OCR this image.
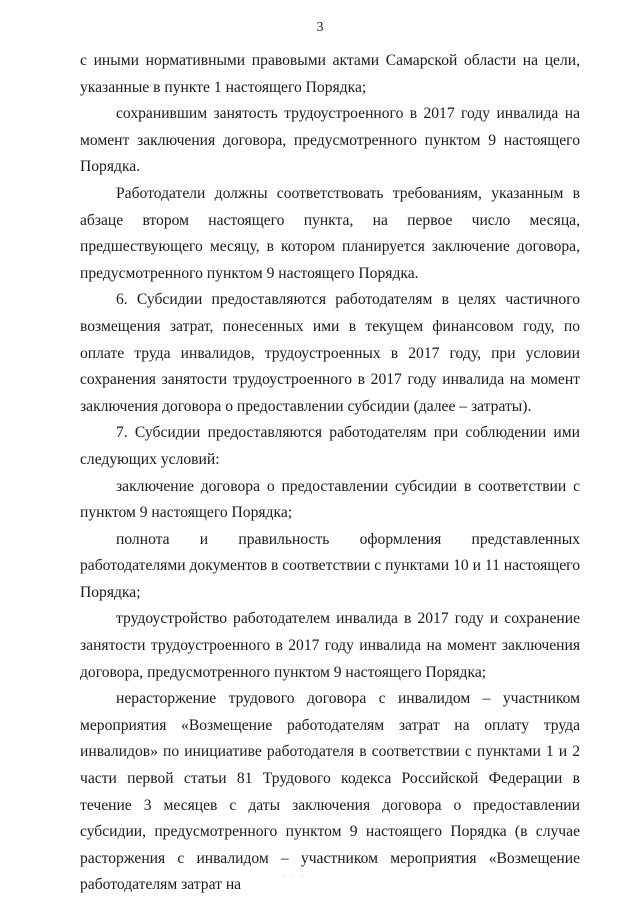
3

с иными нормативными правовыми актами Самарской области на цели, указанные в пункте 1 настоящего Порядка;

сохранившим занятость трудоустроенного в 2017 году инвалида на момент заключения договора, предусмотренного пунктом 9 настоящего Порядка.

Работодатели должны соответствовать требованиям, указанным в абзаце втором настоящего пункта, на первое число месяца, предшествующего месяцу, в котором планируется заключение договора, предусмотренного пунктом 9 настоящего Порядка.

6. Субсидии предоставляются работодателям в целях частичного возмещения затрат, понесенных ими в текущем финансовом году, по оплате труда инвалидов, трудоустроенных в 2017 году, при условии сохранения занятости трудоустроенного в 2017 году инвалида на момент заключения договора о предоставлении субсидии (далее – затраты).

7. Субсидии предоставляются работодателям при соблюдении ими следующих условий:

заключение договора о предоставлении субсидии в соответствии с пунктом 9 настоящего Порядка;

полнота и правильность оформления представленных работодателями документов в соответствии с пунктами 10 и 11 настоящего Порядка;

трудоустройство работодателем инвалида в 2017 году и сохранение занятости трудоустроенного в 2017 году инвалида на момент заключения договора, предусмотренного пунктом 9 настоящего Порядка;

нерасторжение трудового договора с инвалидом – участником мероприятия «Возмещение работодателям затрат на оплату труда инвалидов» по инициативе работодателя в соответствии с пунктами 1 и 2 части первой статьи 81 Трудового кодекса Российской Федерации в течение 3 месяцев с даты заключения договора о предоставлении субсидии, предусмотренного пунктом 9 настоящего Порядка (в случае расторжения с инвалидом – участником мероприятия «Возмещение работодателям затрат на	· · ·
